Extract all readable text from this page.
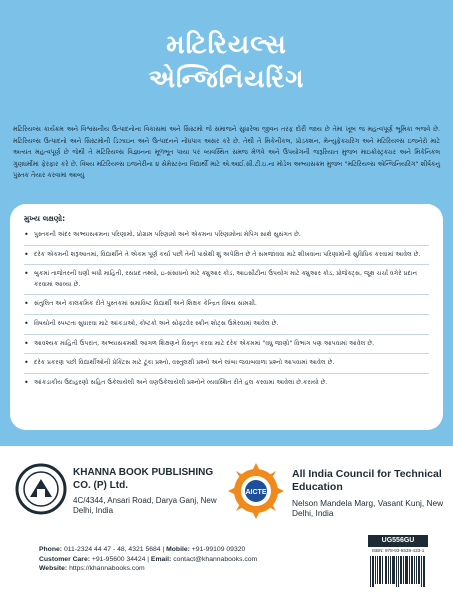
મટિરિયલ્સ
એન્જિનિયરિંગ
મટિરિયલ્સ કાર્યક્રમ અને વિશ્વસનીય ઉત્પાદનોના વિકાસમાં અને સિસ્ટમો જે સમાજને સુધારેલા જીવન તરફ દોરી જાય છે તેમાં ખૂબ જ મહત્વપૂર્ણ ભૂમિકા ભજવે છે. મટિરિયલ્સ ઉત્પાદનો અને સિસ્ટમોની ડિઝાઇન અને ઉત્પાદનને નોંધપાત્ર અસર કરે છે. તેથી તે મિકેનીકલ, પ્રોડક્શન, મેન્યુફેક્ચરિંગ અને મટિરિયલ્સ ઇજનેરો માટે અત્યંત મહત્વપૂર્ણ છે જેથી તે મટિરિયલ્સ વિજ્ઞાનના મૂળભૂત પાયા પર વ્યવસ્થિત સમજ મેળવે અને ઉપયોગની જરૂરિયાત મુજબ માઇક્રોસ્ટ્રક્ચર અને મિકેનિકલ ગુણધર્મોમાં ફેરફાર કરે છે. વિષય મટિરિયલ્સ ઇજનેરીના ૪ સેમેસ્ટરના વિદ્યાર્થી માટે એ.આઈ.સી.ટી.ઇ.ના મોડેલ અભ્યાસક્રમ મુજબ "મટિરિયલ્સ એન્જિનિયરિંગ" શીર્ષકનું પુસ્તક તૈયાર કરવામાં આવ્યું
મુખ્ય લક્ષણો:
• પુસ્તકની અંદર અભ્યાસક્રમના પરિણામો, પ્રોગ્રામ પરિણામો અને એકમના પરિણામોના મેપિંગ સાથે સુસંગત છે.
• દરેક એકમની શરૂઆતમાં, વિદ્યાર્થીને તે એકમ પૂર્ણ કર્યા પછી તેની પાસેથી શું અપેક્ષિત છે તે સમજાવવા માટે શીખવાના પરિણામોની સુવિધિક કરવામાં આવેલ છે.
• બુકમાં તાજેતરની ઘણી બધી માહિતી, રસપ્રદ તથ્યો, ઇ-સંસાધનો માટે ક્યુઆર કોડ, આઇસીટીના ઉપયોગ માટે ક્યુઆર કોડ, પ્રોજેક્ટ્સ, જૂથ ચર્ચા વગેરે પ્રદાન કરવામાં આવ્યા છે.
• સંતુલિત અને કાલક્રમિક રીતે પુસ્તકમાં સમાવિષ્ટ વિદ્યાર્થી અને શિક્ષક કેન્દ્રિત વિષય સામગ્રી.
• વિષયોની સ્પષ્ટતા સુધારવા માટે આંકડાઓ, કોષ્ટકો અને સોફ્ટવેર સ્ક્રીન શોટ્સ ઉમેરવામાં આવેલ છે.
• આવશ્યક માહિતી ઉપરાંત, અભ્યાસક્રમથી આગળ શિક્ષણને વિસ્તૃત કરવા માટે દરેક એકમમાં "વધુ જાણો" વિભાગ પણ આપવામાં આવેલ છે.
• દરેક પ્રકરણ પછી વિદ્યાર્થીઓની પ્રેક્ટિસ માટે ટૂંકા પ્રશ્નો, વસ્તુલક્ષી પ્રશ્નો અને લાંબા જવાબવાળા પ્રશ્નો આપવામાં આવેલ છે.
• આંકડાકીય ઉદાહરણો સહિત ઉકેલાયેલી અને વણઉકેલાયેલી પ્રશ્નોને વ્યવસ્થિત રીતે હલ કરવામાં આવેલા છે.કરાયો છે.
KHANNA BOOK PUBLISHING CO. (P) Ltd.
4C/4344, Ansari Road, Darya Ganj, New Delhi, India
AICTE
All India Council for Technical Education
Nelson Mandela Marg, Vasant Kunj, New Delhi, India
Phone: 011-2324 44 47 - 48, 4321 5684 | Mobile: +91-99109 09320
Customer Care: +91-95600 34424 | Email: contact@khannabooks.com
Website: https://khannabooks.com
UG556GU
ISBN: 978-93-5538-433-1
